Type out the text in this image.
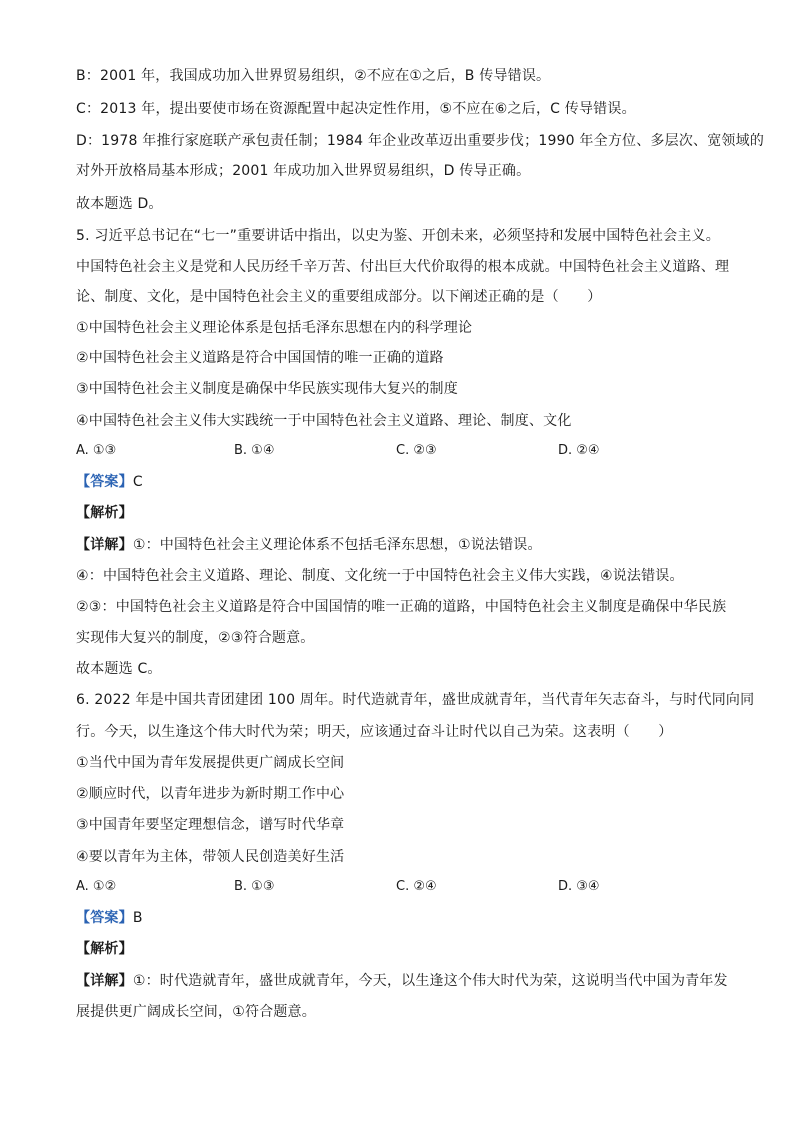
B：2001 年，我国成功加入世界贸易组织，②不应在①之后，B 传导错误。
C：2013 年，提出要使市场在资源配置中起决定性作用，⑤不应在⑥之后，C 传导错误。
D：1978 年推行家庭联产承包责任制；1984 年企业改革迈出重要步伐；1990 年全方位、多层次、宽领域的
对外开放格局基本形成；2001 年成功加入世界贸易组织，D 传导正确。
故本题选 D。
5. 习近平总书记在“七一”重要讲话中指出，以史为鉴、开创未来，必须坚持和发展中国特色社会主义。
中国特色社会主义是党和人民历经千辛万苦、付出巨大代价取得的根本成就。中国特色社会主义道路、理
论、制度、文化，是中国特色社会主义的重要组成部分。以下阐述正确的是（　　）
①中国特色社会主义理论体系是包括毛泽东思想在内的科学理论
②中国特色社会主义道路是符合中国国情的唯一正确的道路
③中国特色社会主义制度是确保中华民族实现伟大复兴的制度
④中国特色社会主义伟大实践统一于中国特色社会主义道路、理论、制度、文化
A. ①③	B. ①④	C. ②③	D. ②④
【答案】C
【解析】
【详解】①：中国特色社会主义理论体系不包括毛泽东思想，①说法错误。
④：中国特色社会主义道路、理论、制度、文化统一于中国特色社会主义伟大实践，④说法错误。
②③：中国特色社会主义道路是符合中国国情的唯一正确的道路，中国特色社会主义制度是确保中华民族
实现伟大复兴的制度，②③符合题意。
故本题选 C。
6. 2022 年是中国共青团建团 100 周年。时代造就青年，盛世成就青年，当代青年矢志奋斗，与时代同向同
行。今天，以生逢这个伟大时代为荣；明天，应该通过奋斗让时代以自己为荣。这表明（　　）
①当代中国为青年发展提供更广阔成长空间
②顺应时代，以青年进步为新时期工作中心
③中国青年要坚定理想信念，谱写时代华章
④要以青年为主体，带领人民创造美好生活
A. ①②	B. ①③	C. ②④	D. ③④
【答案】B
【解析】
【详解】①：时代造就青年，盛世成就青年，今天，以生逢这个伟大时代为荣，这说明当代中国为青年发
展提供更广阔成长空间，①符合题意。
